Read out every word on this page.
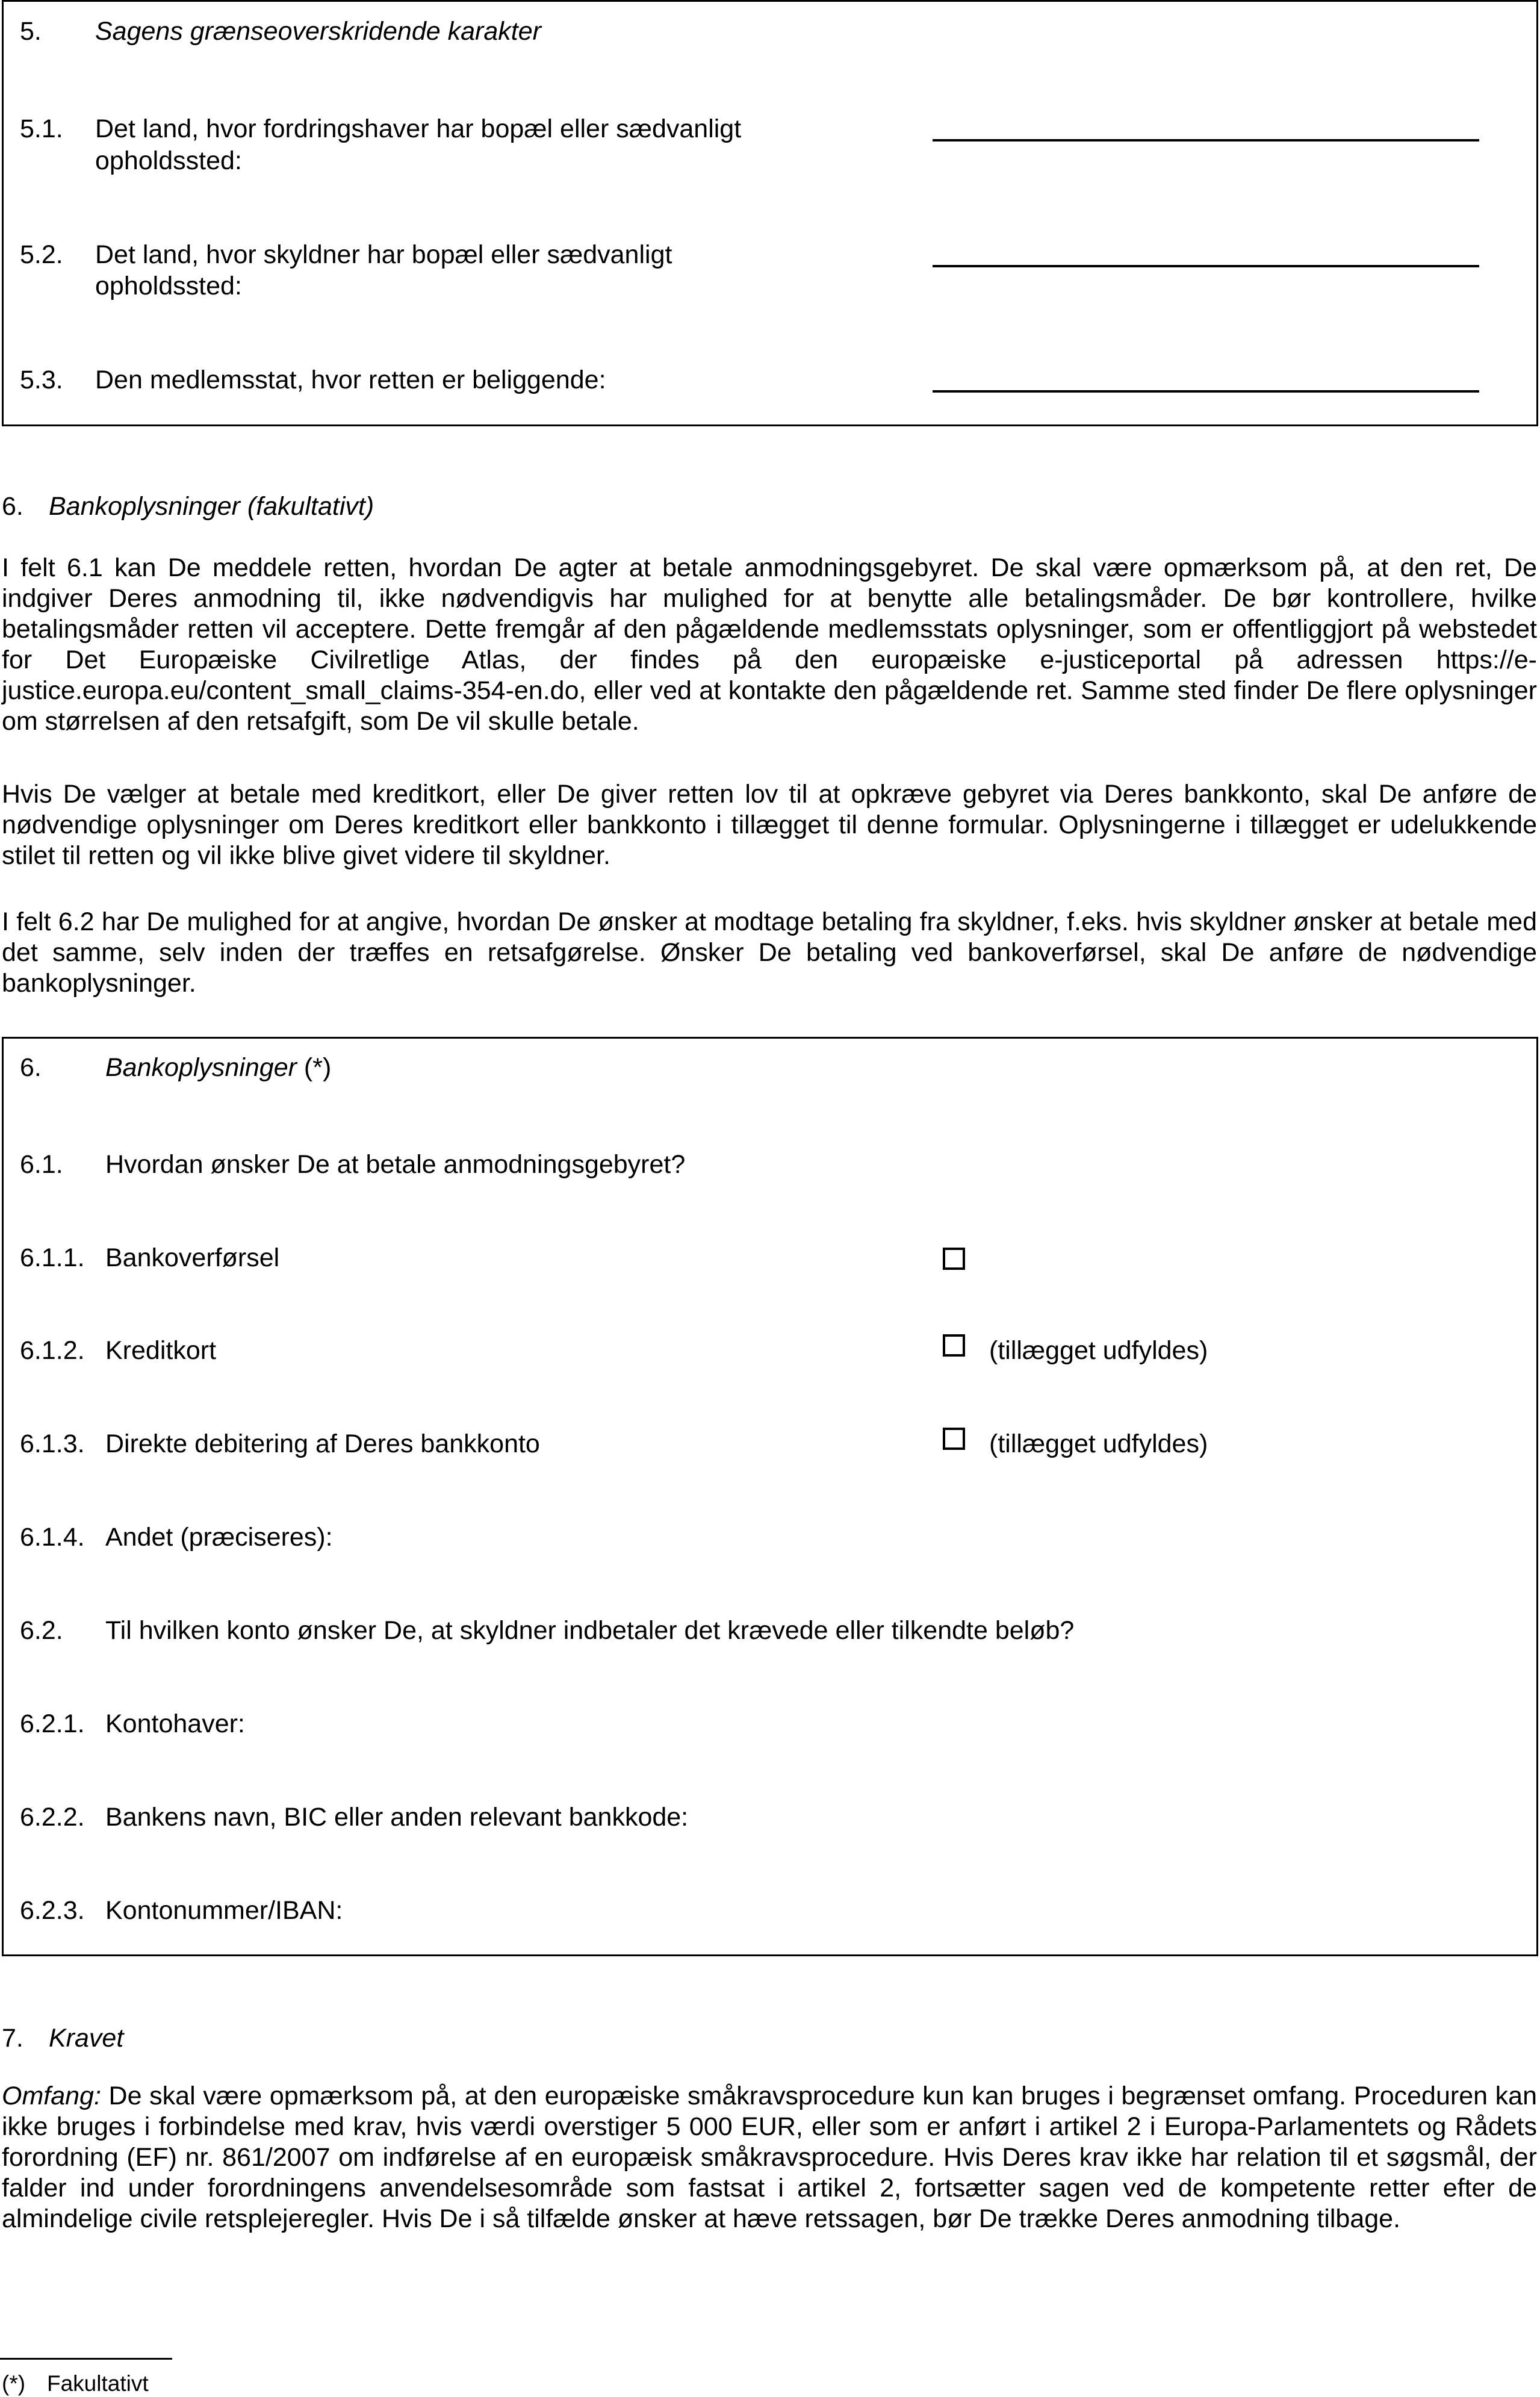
5. Sagens grænseoverskridende karakter
5.1. Det land, hvor fordringshaver har bopæl eller sædvanligt
opholdssted:
5.2. Det land, hvor skyldner har bopæl eller sædvanligt
opholdssted:
5.3. Den medlemsstat, hvor retten er beliggende:
6. Bankoplysninger (fakultativt)

I felt 6.1 kan De meddele retten, hvordan De agter at betale anmodningsgebyret. De skal være opmærksom på, at den ret, De indgiver Deres anmodning til, ikke nødvendigvis har mulighed for at benytte alle betalingsmåder. De bør kontrollere, hvilke betalingsmåder retten vil acceptere. Dette fremgår af den pågældende medlemsstats oplysninger, som er offentliggjort på webstedet for Det Europæiske Civilretlige Atlas, der findes på den europæiske e-justiceportal på adressen https://e-justice.europa.eu/content_small_claims-354-en.do, eller ved at kontakte den pågældende ret. Samme sted finder De flere oplysninger om størrelsen af den retsafgift, som De vil skulle betale.

Hvis De vælger at betale med kreditkort, eller De giver retten lov til at opkræve gebyret via Deres bankkonto, skal De anføre de nødvendige oplysninger om Deres kreditkort eller bankkonto i tillægget til denne formular. Oplysningerne i tillægget er udelukkende stilet til retten og vil ikke blive givet videre til skyldner.

I felt 6.2 har De mulighed for at angive, hvordan De ønsker at modtage betaling fra skyldner, f.eks. hvis skyldner ønsker at betale med det samme, selv inden der træffes en retsafgørelse. Ønsker De betaling ved bankoverførsel, skal De anføre de nødvendige bankoplysninger.

6. Bankoplysninger (*)
6.1. Hvordan ønsker De at betale anmodningsgebyret?
6.1.1. Bankoverførsel
6.1.2. Kreditkort	(tillægget udfyldes)
6.1.3. Direkte debitering af Deres bankkonto	(tillægget udfyldes)
6.1.4. Andet (præciseres):
6.2. Til hvilken konto ønsker De, at skyldner indbetaler det krævede eller tilkendte beløb?
6.2.1. Kontohaver:
6.2.2. Bankens navn, BIC eller anden relevant bankkode:
6.2.3. Kontonummer/IBAN:
7. Kravet

Omfang: De skal være opmærksom på, at den europæiske småkravsprocedure kun kan bruges i begrænset omfang. Proceduren kan ikke bruges i forbindelse med krav, hvis værdi overstiger 5 000 EUR, eller som er anført i artikel 2 i Europa-Parlamentets og Rådets forordning (EF) nr. 861/2007 om indførelse af en europæisk småkravsprocedure. Hvis Deres krav ikke har relation til et søgsmål, der falder ind under forordningens anvendelsesområde som fastsat i artikel 2, fortsætter sagen ved de kompetente retter efter de almindelige civile retsplejeregler. Hvis De i så tilfælde ønsker at hæve retssagen, bør De trække Deres anmodning tilbage.

(*) Fakultativt
